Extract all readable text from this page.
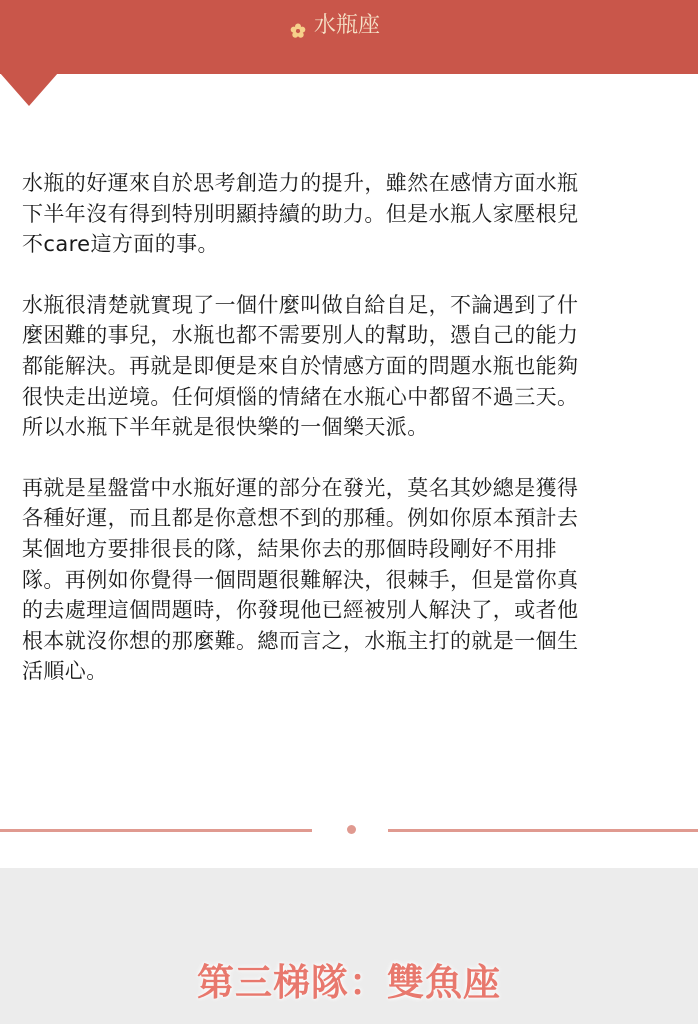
水瓶座

水瓶的好運來自於思考創造力的提升，雖然在感情方面水瓶
下半年沒有得到特別明顯持續的助力。但是水瓶人家壓根兒
不care這方面的事。

水瓶很清楚就實現了一個什麼叫做自給自足，不論遇到了什
麼困難的事兒，水瓶也都不需要別人的幫助，憑自己的能力
都能解決。再就是即便是來自於情感方面的問題水瓶也能夠
很快走出逆境。任何煩惱的情緒在水瓶心中都留不過三天。
所以水瓶下半年就是很快樂的一個樂天派。

再就是星盤當中水瓶好運的部分在發光，莫名其妙總是獲得
各種好運，而且都是你意想不到的那種。例如你原本預計去
某個地方要排很長的隊，結果你去的那個時段剛好不用排
隊。再例如你覺得一個問題很難解決，很棘手，但是當你真
的去處理這個問題時，你發現他已經被別人解決了，或者他
根本就沒你想的那麼難。總而言之，水瓶主打的就是一個生
活順心。

第三梯隊：雙魚座
